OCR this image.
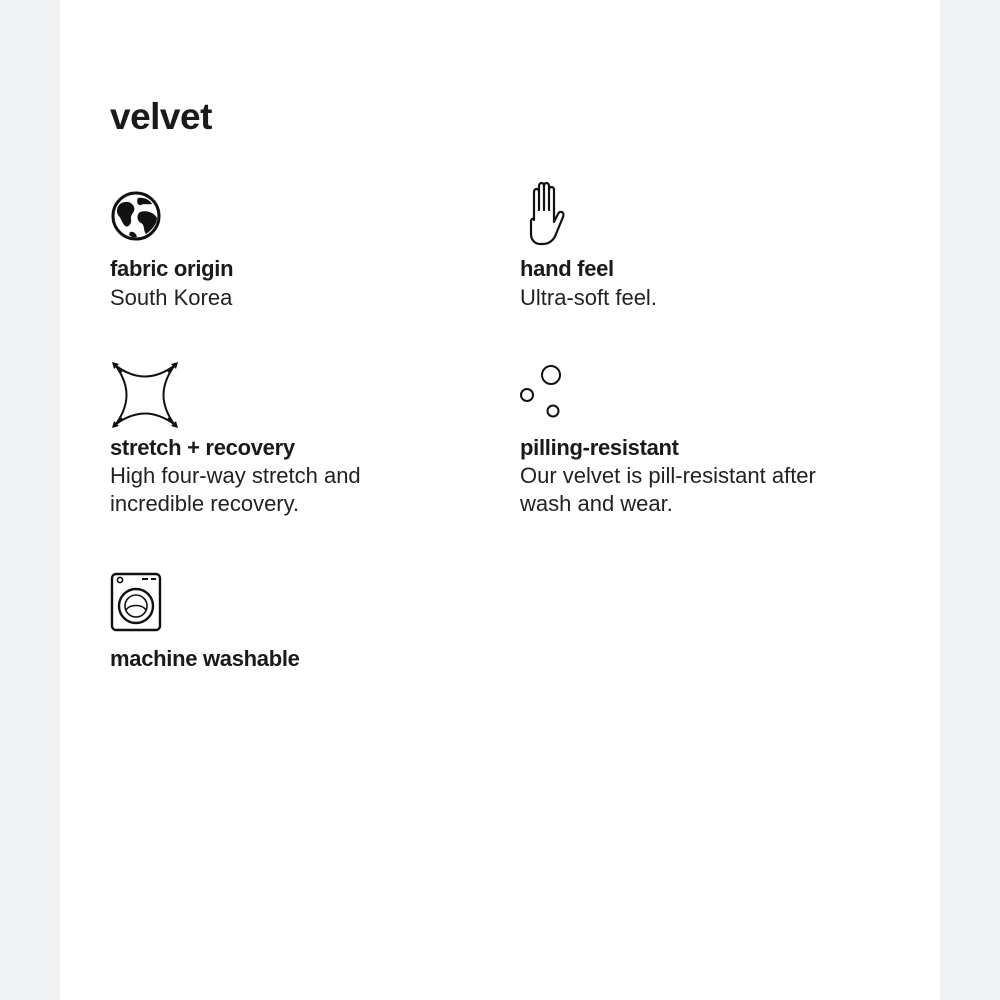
velvet

fabric origin

South Korea

hand feel

Ultra-soft feel.

stretch + recovery

High four-way stretch and incredible recovery.

pilling-resistant

Our velvet is pill-resistant after wash and wear.

machine washable
